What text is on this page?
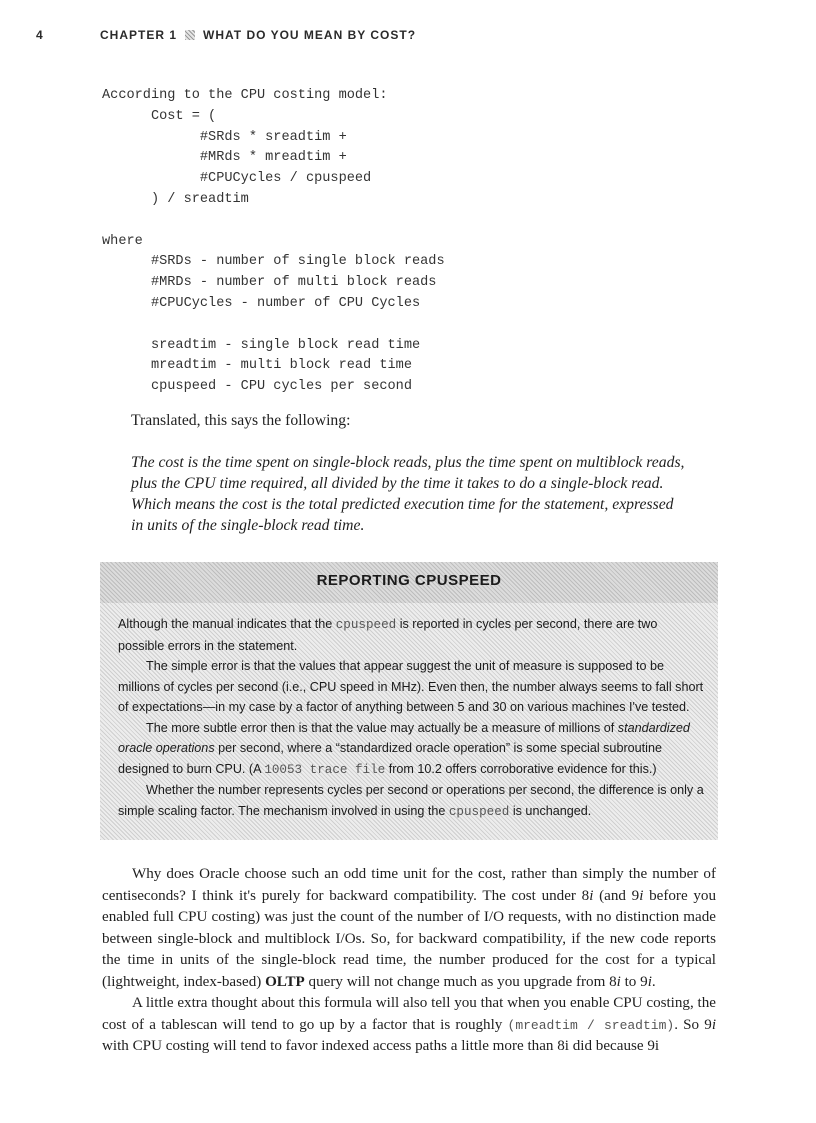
4	CHAPTER 1 WHAT DO YOU MEAN BY COST?
According to the CPU costing model:
Cost = (
#SRds * sreadtim +
#MRds * mreadtim +
#CPUCycles / cpuspeed
) / sreadtim

where
#SRDs - number of single block reads
#MRDs - number of multi block reads
#CPUCycles - number of CPU Cycles

sreadtim - single block read time
mreadtim - multi block read time
cpuspeed - CPU cycles per second

Translated, this says the following:

The cost is the time spent on single-block reads, plus the time spent on multiblock reads,
plus the CPU time required, all divided by the time it takes to do a single-block read.
Which means the cost is the total predicted execution time for the statement, expressed
in units of the single-block read time.

REPORTING CPUSPEED

Although the manual indicates that the cpuspeed is reported in cycles per second, there are two possible errors in the statement.

The simple error is that the values that appear suggest the unit of measure is supposed to be millions of cycles per second (i.e., CPU speed in MHz). Even then, the number always seems to fall short of expectations—in my case by a factor of anything between 5 and 30 on various machines I've tested.

The more subtle error then is that the value may actually be a measure of millions of standardized oracle operations per second, where a “standardized oracle operation” is some special subroutine designed to burn CPU. (A 10053 trace file from 10.2 offers corroborative evidence for this.)

Whether the number represents cycles per second or operations per second, the difference is only a simple scaling factor. The mechanism involved in using the cpuspeed is unchanged.

Why does Oracle choose such an odd time unit for the cost, rather than simply the number of centiseconds? I think it's purely for backward compatibility. The cost under 8i (and 9i before you enabled full CPU costing) was just the count of the number of I/O requests, with no distinction made between single-block and multiblock I/Os. So, for backward compatibility, if the new code reports the time in units of the single-block read time, the number produced for the cost for a typical (lightweight, index-based) OLTP query will not change much as you upgrade from 8i to 9i.

A little extra thought about this formula will also tell you that when you enable CPU costing, the cost of a tablescan will tend to go up by a factor that is roughly (mreadtim / sreadtim). So 9i with CPU costing will tend to favor indexed access paths a little more than 8i did because 9i
